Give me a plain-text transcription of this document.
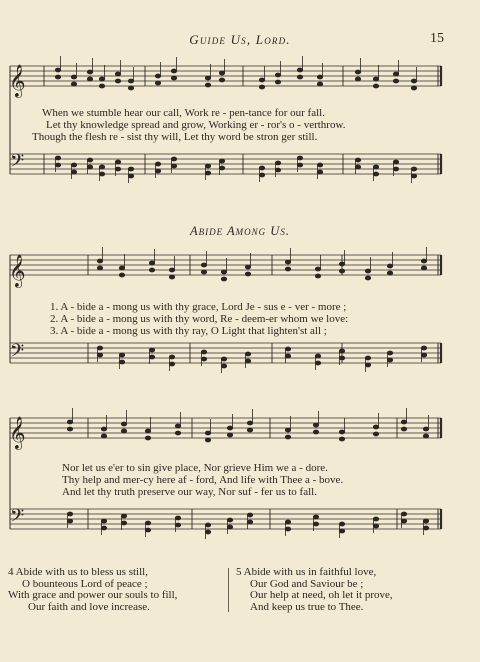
Guide Us, Lord.	15
𝄞
𝄢
𝄞
𝄢
𝄞
𝄢
When we stumble hear our call, Work re - pen-tance for our fall.
Let thy knowledge spread and grow, Working er - ror's o - verthrow.
Though the flesh re - sist thy will, Let thy word be stron ger still.
Abide Among Us.
1. A - bide a - mong us with thy grace, Lord Je - sus e - ver - more ;
2. A - bide a - mong us with thy word, Re - deem-er whom we love:
3. A - bide a - mong us with thy ray, O Light that lighten'st all ;
Nor let us e'er to sin give place, Nor grieve Him we a - dore.
Thy help and mer-cy here af - ford, And life with Thee a - bove.
And let thy truth preserve our way, Nor suf - fer us to fall.
4 Abide with us to bless us still,
O bounteous Lord of peace ;
With grace and power our souls to fill,
Our faith and love increase.
5 Abide with us in faithful love,
Our God and Saviour be ;
Our help at need, oh let it prove,
And keep us true to Thee.
